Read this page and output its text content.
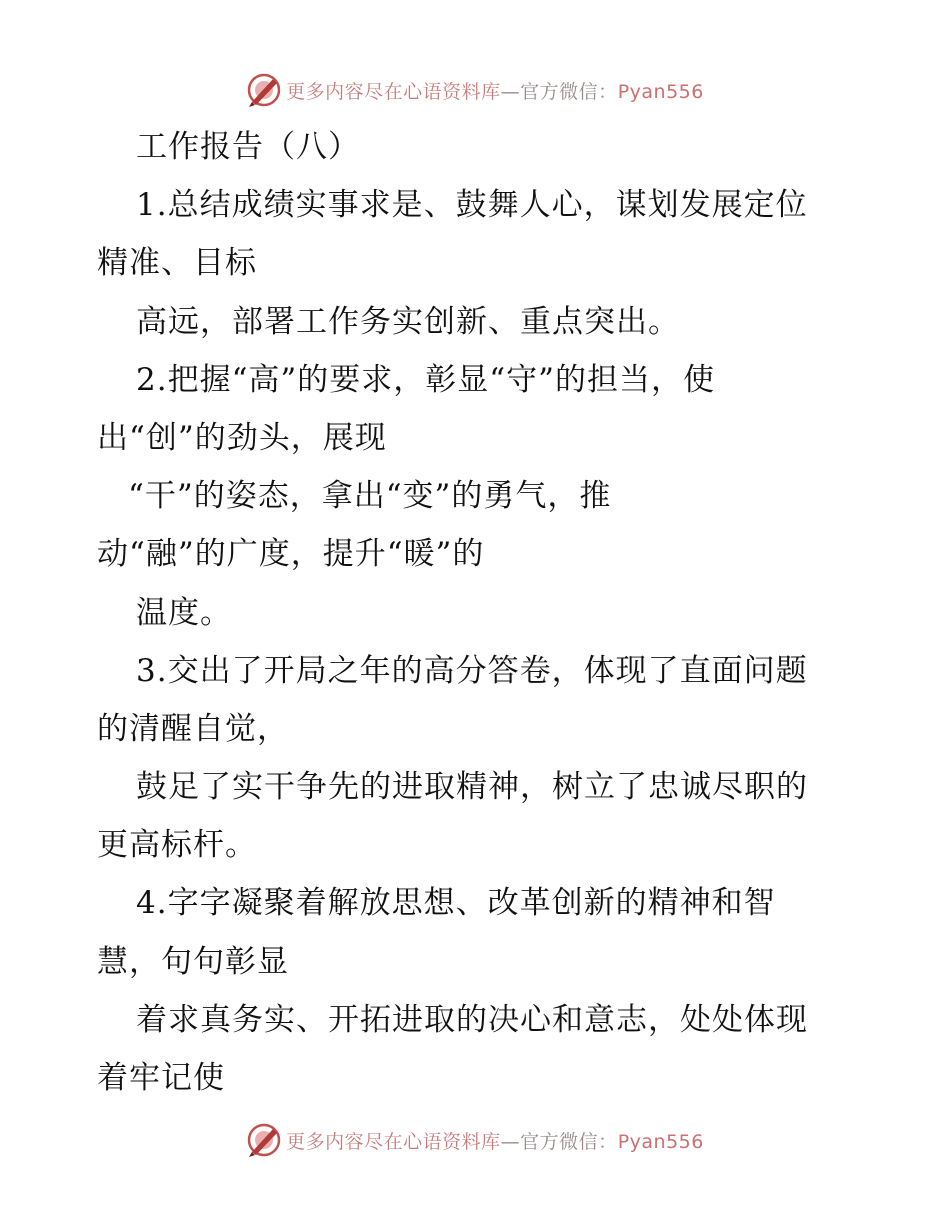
更多内容尽在心语资料库—官方微信：Pyan556
工作报告（八）
1.总结成绩实事求是、鼓舞人心，谋划发展定位
精准、目标
高远，部署工作务实创新、重点突出。
2.把握“高”的要求，彰显“守”的担当，使
出“创”的劲头，展现
“干”的姿态，拿出“变”的勇气，推
动“融”的广度，提升“暖”的
温度。
3.交出了开局之年的高分答卷，体现了直面问题
的清醒自觉，
鼓足了实干争先的进取精神，树立了忠诚尽职的
更高标杆。
4.字字凝聚着解放思想、改革创新的精神和智
慧，句句彰显
着求真务实、开拓进取的决心和意志，处处体现
着牢记使
更多内容尽在心语资料库—官方微信：Pyan556
